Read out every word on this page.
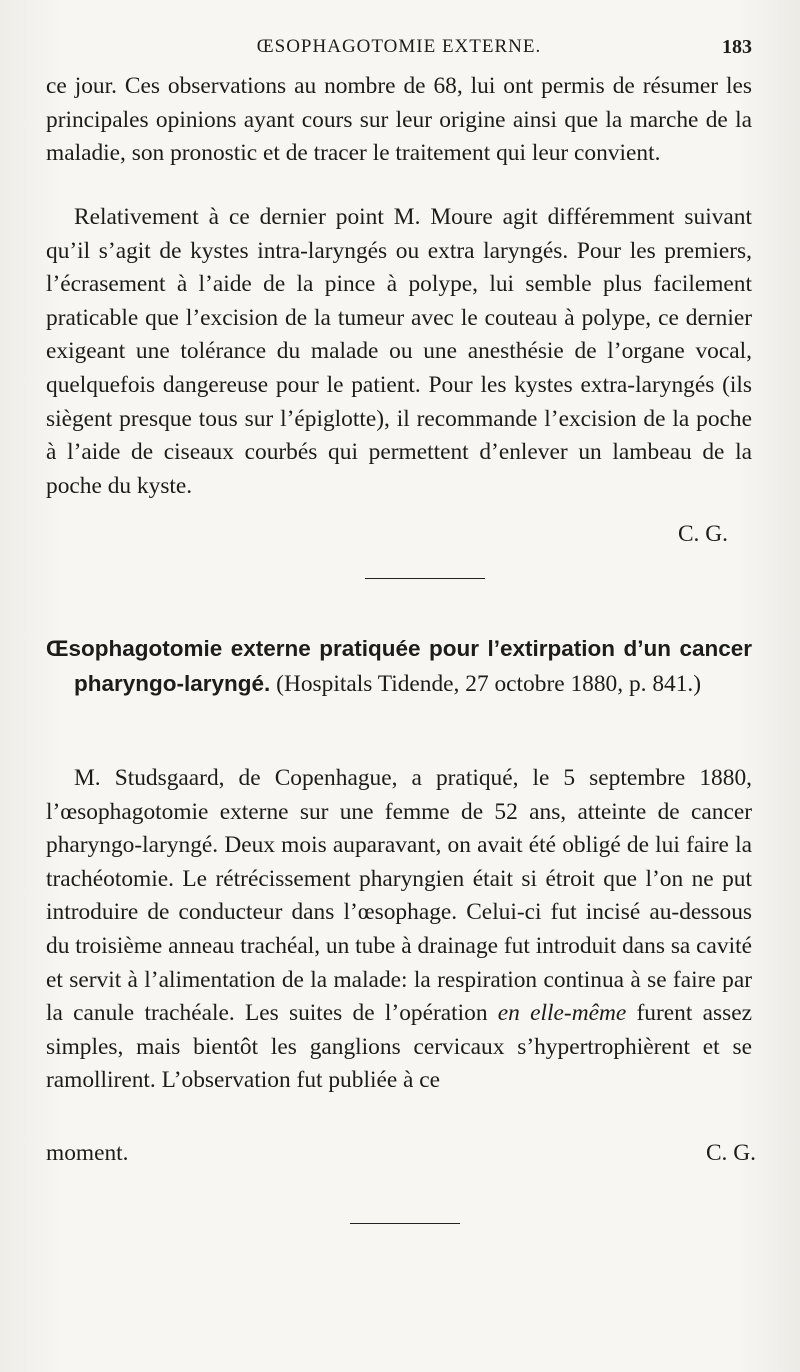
ŒSOPHAGOTOMIE EXTERNE.	183

ce jour. Ces observations au nombre de 68, lui ont permis de résumer les principales opinions ayant cours sur leur origine ainsi que la marche de la maladie, son pronostic et de tracer le traitement qui leur convient.

Relativement à ce dernier point M. Moure agit différemment suivant qu’il s’agit de kystes intra-laryngés ou extra laryngés. Pour les premiers, l’écrasement à l’aide de la pince à polype, lui semble plus facilement praticable que l’excision de la tumeur avec le couteau à polype, ce dernier exigeant une tolérance du malade ou une anesthésie de l’organe vocal, quelquefois dangereuse pour le patient. Pour les kystes extra-laryngés (ils siègent presque tous sur l’épiglotte), il recommande l’excision de la poche à l’aide de ciseaux courbés qui permettent d’enlever un lambeau de la poche du kyste.

C. G.

Œsophagotomie externe pratiquée pour l’extirpation d’un cancer pharyngo-laryngé. (Hospitals Tidende, 27 octobre 1880, p. 841.)

M. Studsgaard, de Copenhague, a pratiqué, le 5 septembre 1880, l’œsophagotomie externe sur une femme de 52 ans, atteinte de cancer pharyngo-laryngé. Deux mois auparavant, on avait été obligé de lui faire la trachéotomie. Le rétrécissement pharyngien était si étroit que l’on ne put introduire de conducteur dans l’œsophage. Celui-ci fut incisé au-dessous du troisième anneau trachéal, un tube à drainage fut introduit dans sa cavité et servit à l’alimentation de la malade: la respiration continua à se faire par la canule trachéale. Les suites de l’opération en elle-même furent assez simples, mais bientôt les ganglions cervicaux s’hypertrophièrent et se ramollirent. L’observation fut publiée à ce

moment.	C. G.
